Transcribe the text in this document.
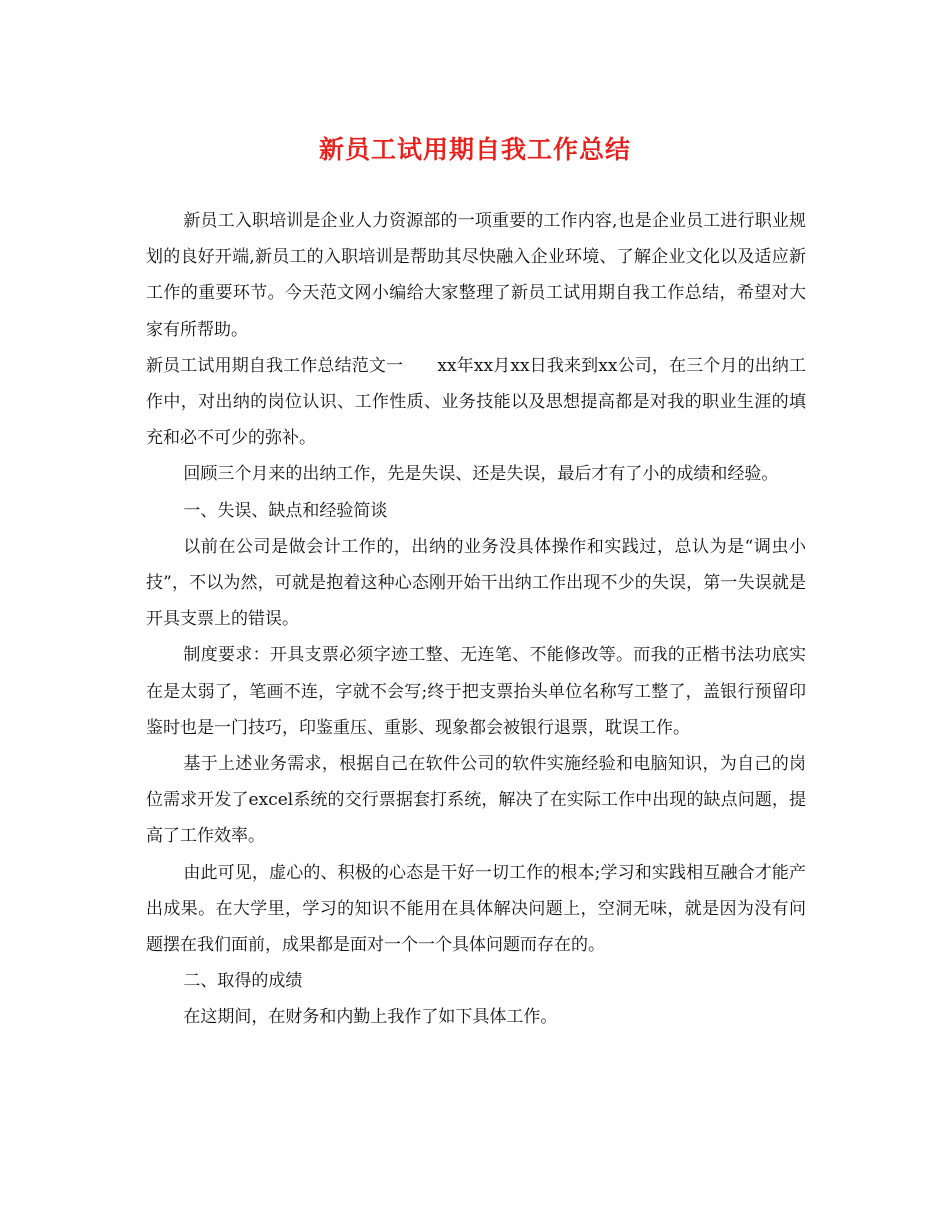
新员工试用期自我工作总结

新员工入职培训是企业人力资源部的一项重要的工作内容,也是企业员工进行职业规划的良好开端,新员工的入职培训是帮助其尽快融入企业环境、了解企业文化以及适应新工作的重要环节。今天范文网小编给大家整理了新员工试用期自我工作总结，希望对大家有所帮助。

新员工试用期自我工作总结范文一　　xx年xx月xx日我来到xx公司，在三个月的出纳工作中，对出纳的岗位认识、工作性质、业务技能以及思想提高都是对我的职业生涯的填充和必不可少的弥补。

回顾三个月来的出纳工作，先是失误、还是失误，最后才有了小的成绩和经验。

一、失误、缺点和经验简谈

以前在公司是做会计工作的，出纳的业务没具体操作和实践过，总认为是“调虫小技”，不以为然，可就是抱着这种心态刚开始干出纳工作出现不少的失误，第一失误就是开具支票上的错误。

制度要求：开具支票必须字迹工整、无连笔、不能修改等。而我的正楷书法功底实在是太弱了，笔画不连，字就不会写;终于把支票抬头单位名称写工整了，盖银行预留印鉴时也是一门技巧，印鉴重压、重影、现象都会被银行退票，耽误工作。

基于上述业务需求，根据自己在软件公司的软件实施经验和电脑知识，为自己的岗位需求开发了excel系统的交行票据套打系统，解决了在实际工作中出现的缺点问题，提高了工作效率。

由此可见，虚心的、积极的心态是干好一切工作的根本;学习和实践相互融合才能产出成果。在大学里，学习的知识不能用在具体解决问题上，空洞无味，就是因为没有问题摆在我们面前，成果都是面对一个一个具体问题而存在的。

二、取得的成绩

在这期间，在财务和内勤上我作了如下具体工作。
